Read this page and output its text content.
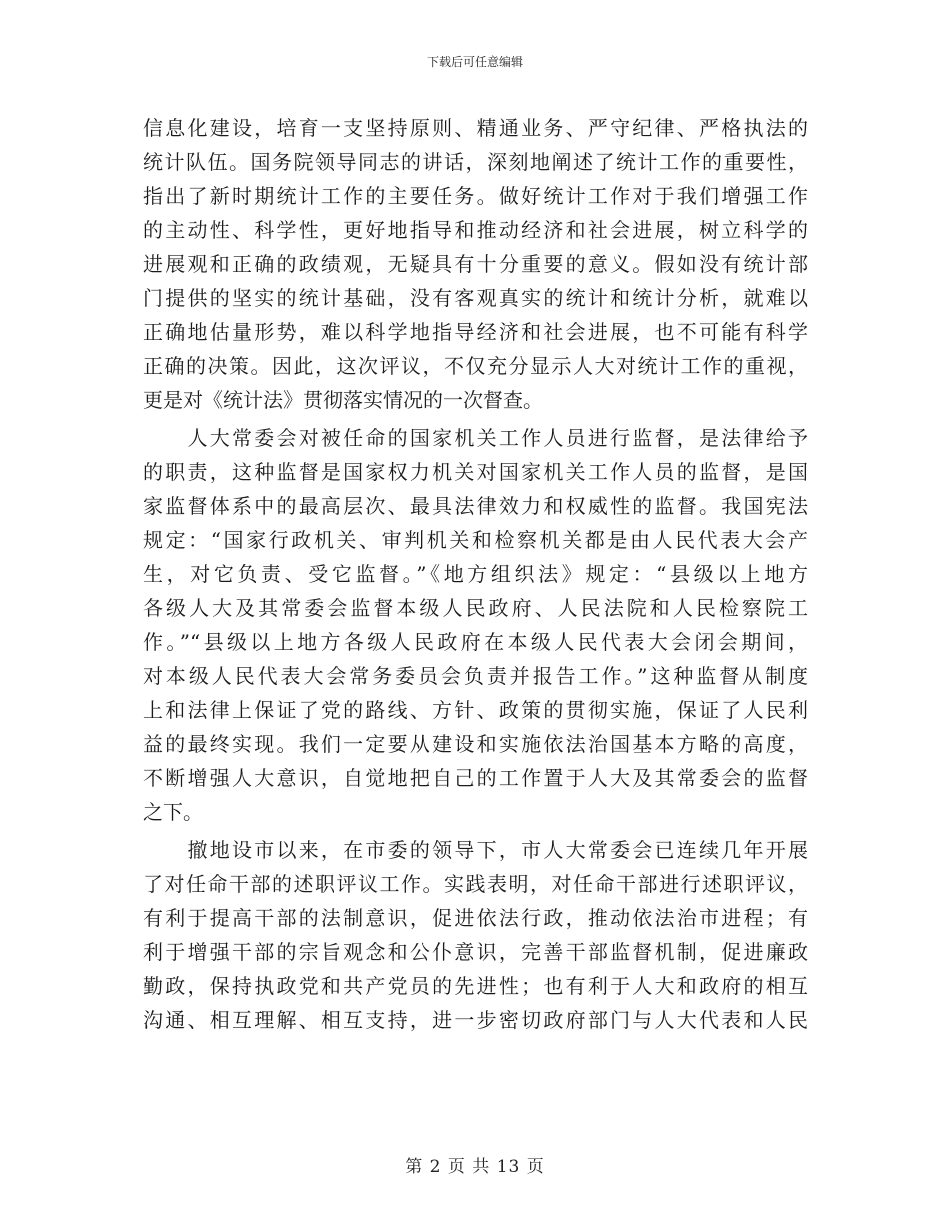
下载后可任意编辑
信息化建设，培育一支坚持原则、精通业务、严守纪律、严格执法的
统计队伍。国务院领导同志的讲话，深刻地阐述了统计工作的重要性，
指出了新时期统计工作的主要任务。做好统计工作对于我们增强工作
的主动性、科学性，更好地指导和推动经济和社会进展，树立科学的
进展观和正确的政绩观，无疑具有十分重要的意义。假如没有统计部
门提供的坚实的统计基础，没有客观真实的统计和统计分析，就难以
正确地估量形势，难以科学地指导经济和社会进展，也不可能有科学
正确的决策。因此，这次评议，不仅充分显示人大对统计工作的重视，
更是对《统计法》贯彻落实情况的一次督查。
　　人大常委会对被任命的国家机关工作人员进行监督，是法律给予
的职责，这种监督是国家权力机关对国家机关工作人员的监督，是国
家监督体系中的最高层次、最具法律效力和权威性的监督。我国宪法
规定：“国家行政机关、审判机关和检察机关都是由人民代表大会产
生，对它负责、受它监督。”《地方组织法》规定：“县级以上地方
各级人大及其常委会监督本级人民政府、人民法院和人民检察院工
作。”“县级以上地方各级人民政府在本级人民代表大会闭会期间，
对本级人民代表大会常务委员会负责并报告工作。”这种监督从制度
上和法律上保证了党的路线、方针、政策的贯彻实施，保证了人民利
益的最终实现。我们一定要从建设和实施依法治国基本方略的高度，
不断增强人大意识，自觉地把自己的工作置于人大及其常委会的监督
之下。
　　撤地设市以来，在市委的领导下，市人大常委会已连续几年开展
了对任命干部的述职评议工作。实践表明，对任命干部进行述职评议，
有利于提高干部的法制意识，促进依法行政，推动依法治市进程；有
利于增强干部的宗旨观念和公仆意识，完善干部监督机制，促进廉政
勤政，保持执政党和共产党员的先进性；也有利于人大和政府的相互
沟通、相互理解、相互支持，进一步密切政府部门与人大代表和人民
第 2 页 共 13 页
